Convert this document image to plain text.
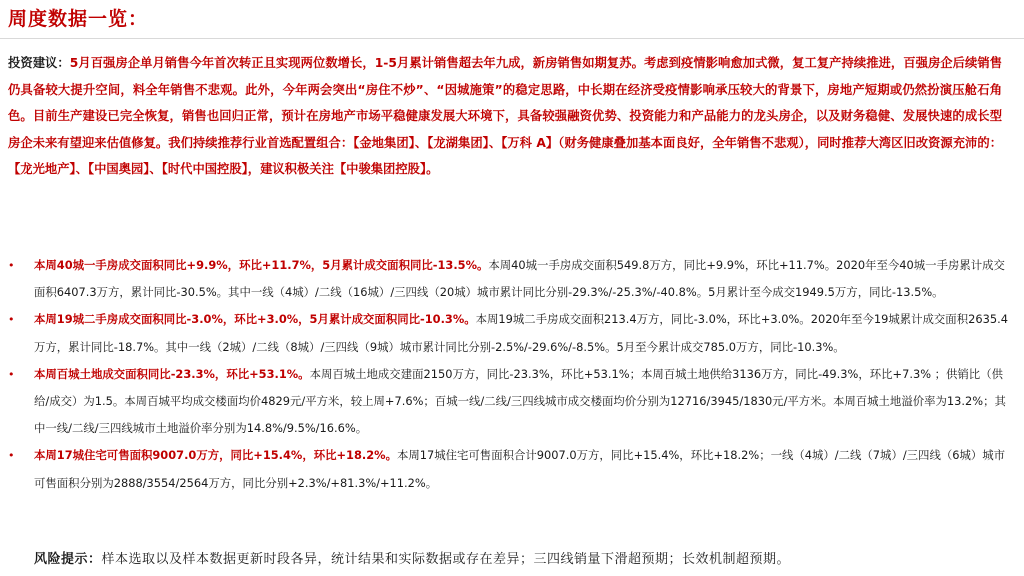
周度数据一览：
投资建议：5月百强房企单月销售今年首次转正且实现两位数增长，1-5月累计销售超去年九成，新房销售如期复苏。考虑到疫情影响愈加式微，复工复产持续推进，百强房企后续销售仍具备较大提升空间，料全年销售不悲观。此外，今年两会突出“房住不炒”、“因城施策”的稳定思路，中长期在经济受疫情影响承压较大的背景下，房地产短期或仍然扮演压舱石角色。目前生产建设已完全恢复，销售也回归正常，预计在房地产市场平稳健康发展大环境下，具备较强融资优势、投资能力和产品能力的龙头房企，以及财务稳健、发展快速的成长型房企未来有望迎来估值修复。我们持续推荐行业首选配置组合：【金地集团】、【龙湖集团】、【万科 A】（财务健康叠加基本面良好，全年销售不悲观），同时推荐大湾区旧改资源充沛的：【龙光地产】、【中国奥园】、【时代中国控股】，建议积极关注【中骏集团控股】。
• 本周40城一手房成交面积同比+9.9%，环比+11.7%，5月累计成交面积同比-13.5%。本周40城一手房成交面积549.8万方，同比+9.9%，环比+11.7%。2020年至今40城一手房累计成交面积6407.3万方，累计同比-30.5%。其中一线（4城）/二线（16城）/三四线（20城）城市累计同比分别-29.3%/-25.3%/-40.8%。5月累计至今成交1949.5万方，同比-13.5%。
• 本周19城二手房成交面积同比-3.0%，环比+3.0%，5月累计成交面积同比-10.3%。本周19城二手房成交面积213.4万方，同比-3.0%，环比+3.0%。2020年至今19城累计成交面积2635.4万方，累计同比-18.7%。其中一线（2城）/二线（8城）/三四线（9城）城市累计同比分别-2.5%/-29.6%/-8.5%。5月至今累计成交785.0万方，同比-10.3%。
• 本周百城土地成交面积同比-23.3%，环比+53.1%。本周百城土地成交建面2150万方，同比-23.3%，环比+53.1%；本周百城土地供给3136万方，同比-49.3%，环比+7.3% ；供销比（供给/成交）为1.5。本周百城平均成交楼面均价4829元/平方米，较上周+7.6%；百城一线/二线/三四线城市成交楼面均价分别为12716/3945/1830元/平方米。本周百城土地溢价率为13.2%；其中一线/二线/三四线城市土地溢价率分别为14.8%/9.5%/16.6%。
• 本周17城住宅可售面积9007.0万方，同比+15.4%，环比+18.2%。本周17城住宅可售面积合计9007.0万方，同比+15.4%，环比+18.2%；一线（4城）/二线（7城）/三四线（6城）城市可售面积分别为2888/3554/2564万方，同比分别+2.3%/+81.3%/+11.2%。
风险提示：样本选取以及样本数据更新时段各异，统计结果和实际数据或存在差异；三四线销量下滑超预期；长效机制超预期。
